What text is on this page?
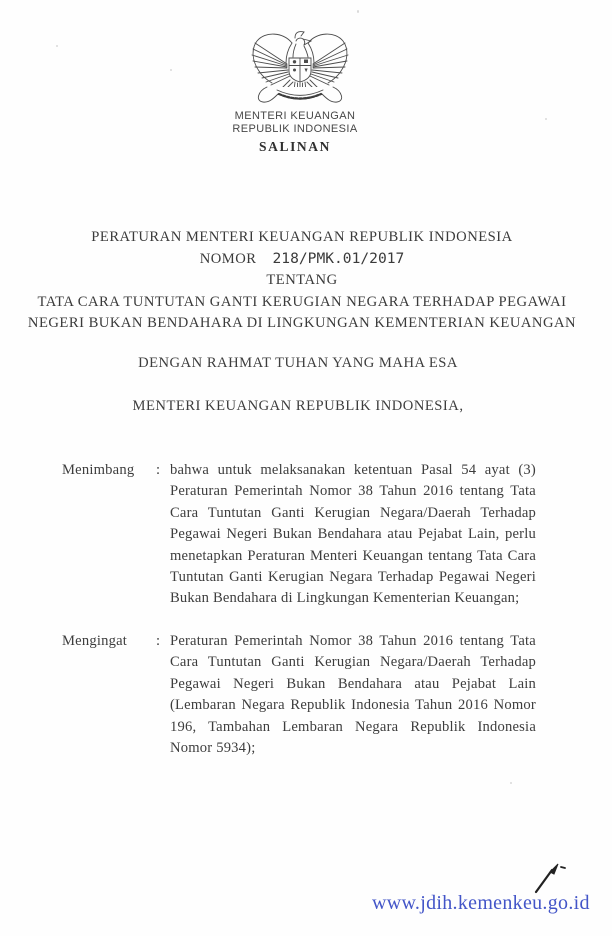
MENTERI KEUANGAN
REPUBLIK INDONESIA
SALINAN
PERATURAN MENTERI KEUANGAN REPUBLIK INDONESIA
NOMOR 218/PMK.01/2017
TENTANG
TATA CARA TUNTUTAN GANTI KERUGIAN NEGARA TERHADAP PEGAWAI
NEGERI BUKAN BENDAHARA DI LINGKUNGAN KEMENTERIAN KEUANGAN
DENGAN RAHMAT TUHAN YANG MAHA ESA
MENTERI KEUANGAN REPUBLIK INDONESIA,
Menimbang : bahwa untuk melaksanakan ketentuan Pasal 54 ayat (3) Peraturan Pemerintah Nomor 38 Tahun 2016 tentang Tata Cara Tuntutan Ganti Kerugian Negara/Daerah Terhadap Pegawai Negeri Bukan Bendahara atau Pejabat Lain, perlu menetapkan Peraturan Menteri Keuangan tentang Tata Cara Tuntutan Ganti Kerugian Negara Terhadap Pegawai Negeri Bukan Bendahara di Lingkungan Kementerian Keuangan;

Mengingat : Peraturan Pemerintah Nomor 38 Tahun 2016 tentang Tata Cara Tuntutan Ganti Kerugian Negara/Daerah Terhadap Pegawai Negeri Bukan Bendahara atau Pejabat Lain (Lembaran Negara Republik Indonesia Tahun 2016 Nomor 196, Tambahan Lembaran Negara Republik Indonesia Nomor 5934);

www.jdih.kemenkeu.go.id
